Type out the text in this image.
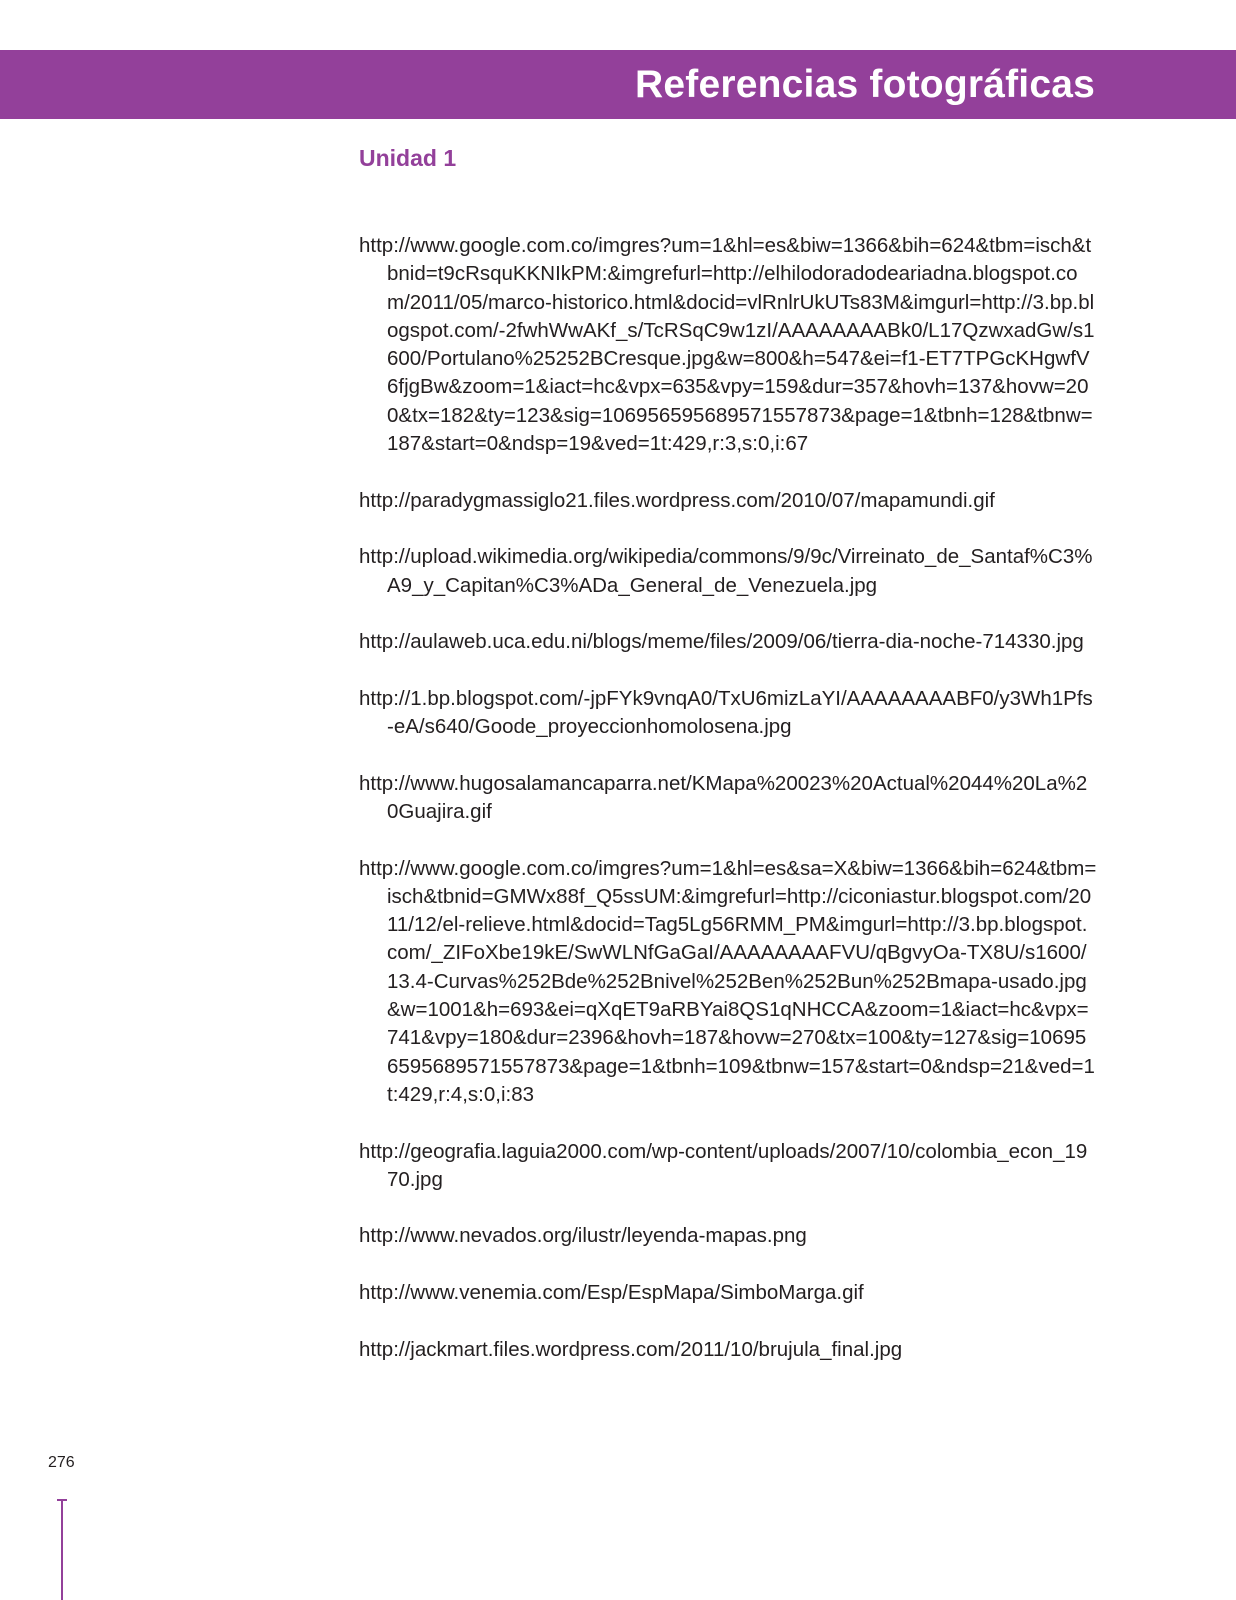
Referencias fotográficas
Unidad 1
http://www.google.com.co/imgres?um=1&hl=es&biw=1366&bih=624&tbm=isch&tbnid=t9cRsquKKNIkPM:&imgrefurl=http://elhilodoradodeariadna.blogspot.com/2011/05/marco-historico.html&docid=vlRnlrUkUTs83M&imgurl=http://3.bp.blogspot.com/-2fwhWwAKf_s/TcRSqC9w1zI/AAAAAAAABk0/L17QzwxadGw/s1600/Portulano%25252BCresque.jpg&w=800&h=547&ei=f1-ET7TPGcKHgwfV6fjgBw&zoom=1&iact=hc&vpx=635&vpy=159&dur=357&hovh=137&hovw=200&tx=182&ty=123&sig=106956595689571557873&page=1&tbnh=128&tbnw=187&start=0&ndsp=19&ved=1t:429,r:3,s:0,i:67
http://paradygmassiglo21.files.wordpress.com/2010/07/mapamundi.gif
http://upload.wikimedia.org/wikipedia/commons/9/9c/Virreinato_de_Santaf%C3%A9_y_Capitan%C3%ADa_General_de_Venezuela.jpg
http://aulaweb.uca.edu.ni/blogs/meme/files/2009/06/tierra-dia-noche-714330.jpg
http://1.bp.blogspot.com/-jpFYk9vnqA0/TxU6mizLaYI/AAAAAAAABF0/y3Wh1Pfs-eA/s640/Goode_proyeccionhomolosena.jpg
http://www.hugosalamancaparra.net/KMapa%20023%20Actual%2044%20La%20Guajira.gif
http://www.google.com.co/imgres?um=1&hl=es&sa=X&biw=1366&bih=624&tbm=isch&tbnid=GMWx88f_Q5ssUM:&imgrefurl=http://ciconiastur.blogspot.com/2011/12/el-relieve.html&docid=Tag5Lg56RMM_PM&imgurl=http://3.bp.blogspot.com/_ZIFoXbe19kE/SwWLNfGaGaI/AAAAAAAAFVU/qBgvyOa-TX8U/s1600/13.4-Curvas%252Bde%252Bnivel%252Ben%252Bun%252Bmapa-usado.jpg&w=1001&h=693&ei=qXqET9aRBYai8QS1qNHCCA&zoom=1&iact=hc&vpx=741&vpy=180&dur=2396&hovh=187&hovw=270&tx=100&ty=127&sig=106956595689571557873&page=1&tbnh=109&tbnw=157&start=0&ndsp=21&ved=1t:429,r:4,s:0,i:83
http://geografia.laguia2000.com/wp-content/uploads/2007/10/colombia_econ_1970.jpg
http://www.nevados.org/ilustr/leyenda-mapas.png
http://www.venemia.com/Esp/EspMapa/SimboMarga.gif
http://jackmart.files.wordpress.com/2011/10/brujula_final.jpg
276
